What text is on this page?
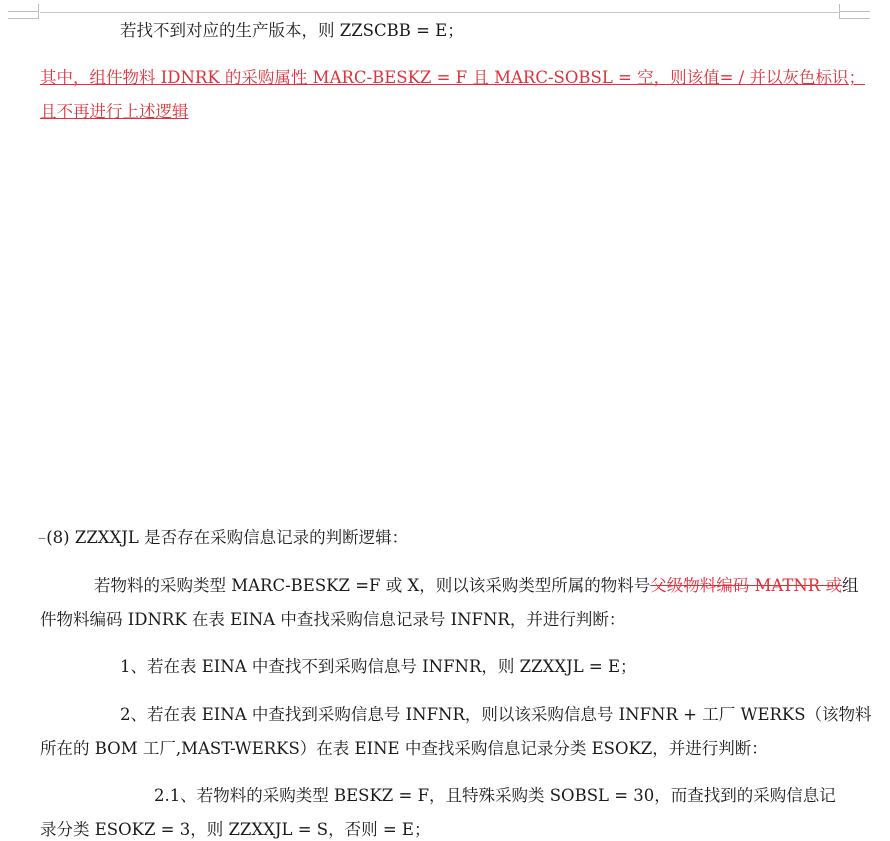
若找不到对应的生产版本，则 ZZSCBB = E；
其中，组件物料 IDNRK 的采购属性 MARC-BESKZ = F 且 MARC-SOBSL = 空，则该值= / 并以灰色标识；
且不再进行上述逻辑
–(8) ZZXXJL 是否存在采购信息记录的判断逻辑：
若物料的采购类型 MARC-BESKZ =F 或 X，则以该采购类型所属的物料号父级物料编码 MATNR 或组
件物料编码 IDNRK 在表 EINA 中查找采购信息记录号 INFNR，并进行判断：
1、若在表 EINA 中查找不到采购信息号 INFNR，则 ZZXXJL = E；
2、若在表 EINA 中查找到采购信息号 INFNR，则以该采购信息号 INFNR + 工厂 WERKS（该物料
所在的 BOM 工厂,MAST-WERKS）在表 EINE 中查找采购信息记录分类 ESOKZ，并进行判断：
2.1、若物料的采购类型 BESKZ = F，且特殊采购类 SOBSL = 30，而查找到的采购信息记
录分类 ESOKZ = 3，则 ZZXXJL = S，否则 = E；
